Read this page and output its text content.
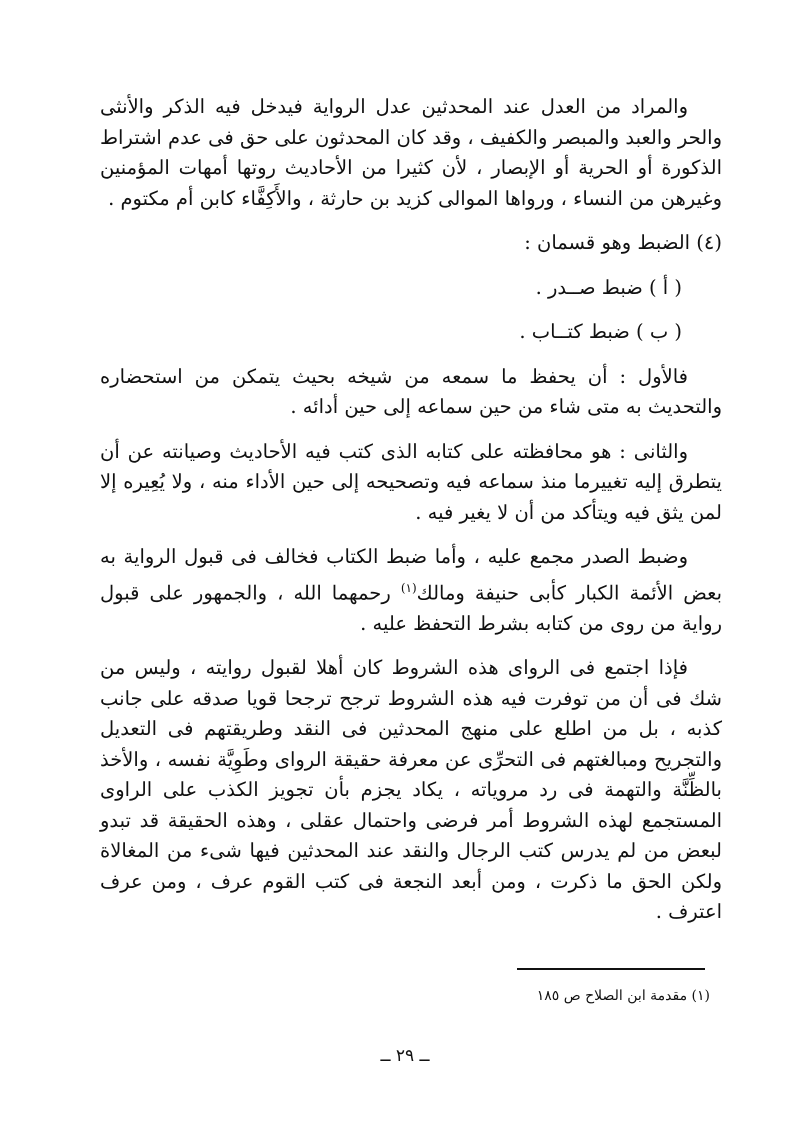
والمراد من العدل عند المحدثين عدل الرواية فيدخل فيه الذكر والأنثى والحر والعبد والمبصر والكفيف ، وقد كان المحدثون على حق فى عدم اشتراط الذكورة أو الحرية أو الإبصار ، لأن كثيرا من الأحاديث روتها أمهات المؤمنين وغيرهن من النساء ، ورواها الموالى كزيد بن حارثة ، والأَكِفَّاء كابن أم مكتوم .

(٤) الضبط وهو قسمان :

( أ ) ضبط صــدر .

( ب ) ضبط كتــاب .

فالأول : أن يحفظ ما سمعه من شيخه بحيث يتمكن من استحضاره والتحديث به متى شاء من حين سماعه إلى حين أدائه .

والثانى : هو محافظته على كتابه الذى كتب فيه الأحاديث وصيانته عن أن يتطرق إليه تغييرما منذ سماعه فيه وتصحيحه إلى حين الأداء منه ، ولا يُعِيره إلا لمن يثق فيه ويتأكد من أن لا يغير فيه .

وضبط الصدر مجمع عليه ، وأما ضبط الكتاب فخالف فى قبول الرواية به بعض الأئمة الكبار كأبى حنيفة ومالك$^{(١)}$ رحمهما الله ، والجمهور على قبول رواية من روى من كتابه بشرط التحفظ عليه .

فإذا اجتمع فى الرواى هذه الشروط كان أهلا لقبول روايته ، وليس من شك فى أن من توفرت فيه هذه الشروط ترجح ترجحا قويا صدقه على جانب كذبه ، بل من اطلع على منهج المحدثين فى النقد وطريقتهم فى التعديل والتجريح ومبالغتهم فى التحرِّى عن معرفة حقيقة الرواى وطَوِيَّة نفسه ، والأخذ بالظِّنَّة والتهمة فى رد مروياته ، يكاد يجزم بأن تجويز الكذب على الراوى المستجمع لهذه الشروط أمر فرضى واحتمال عقلى ، وهذه الحقيقة قد تبدو لبعض من لم يدرس كتب الرجال والنقد عند المحدثين فيها شىء من المغالاة ولكن الحق ما ذكرت ، ومن أبعد النجعة فى كتب القوم عرف ، ومن عرف اعترف .

(١) مقدمة ابن الصلاح ص ١٨٥
ــ ٢٩ ــ
